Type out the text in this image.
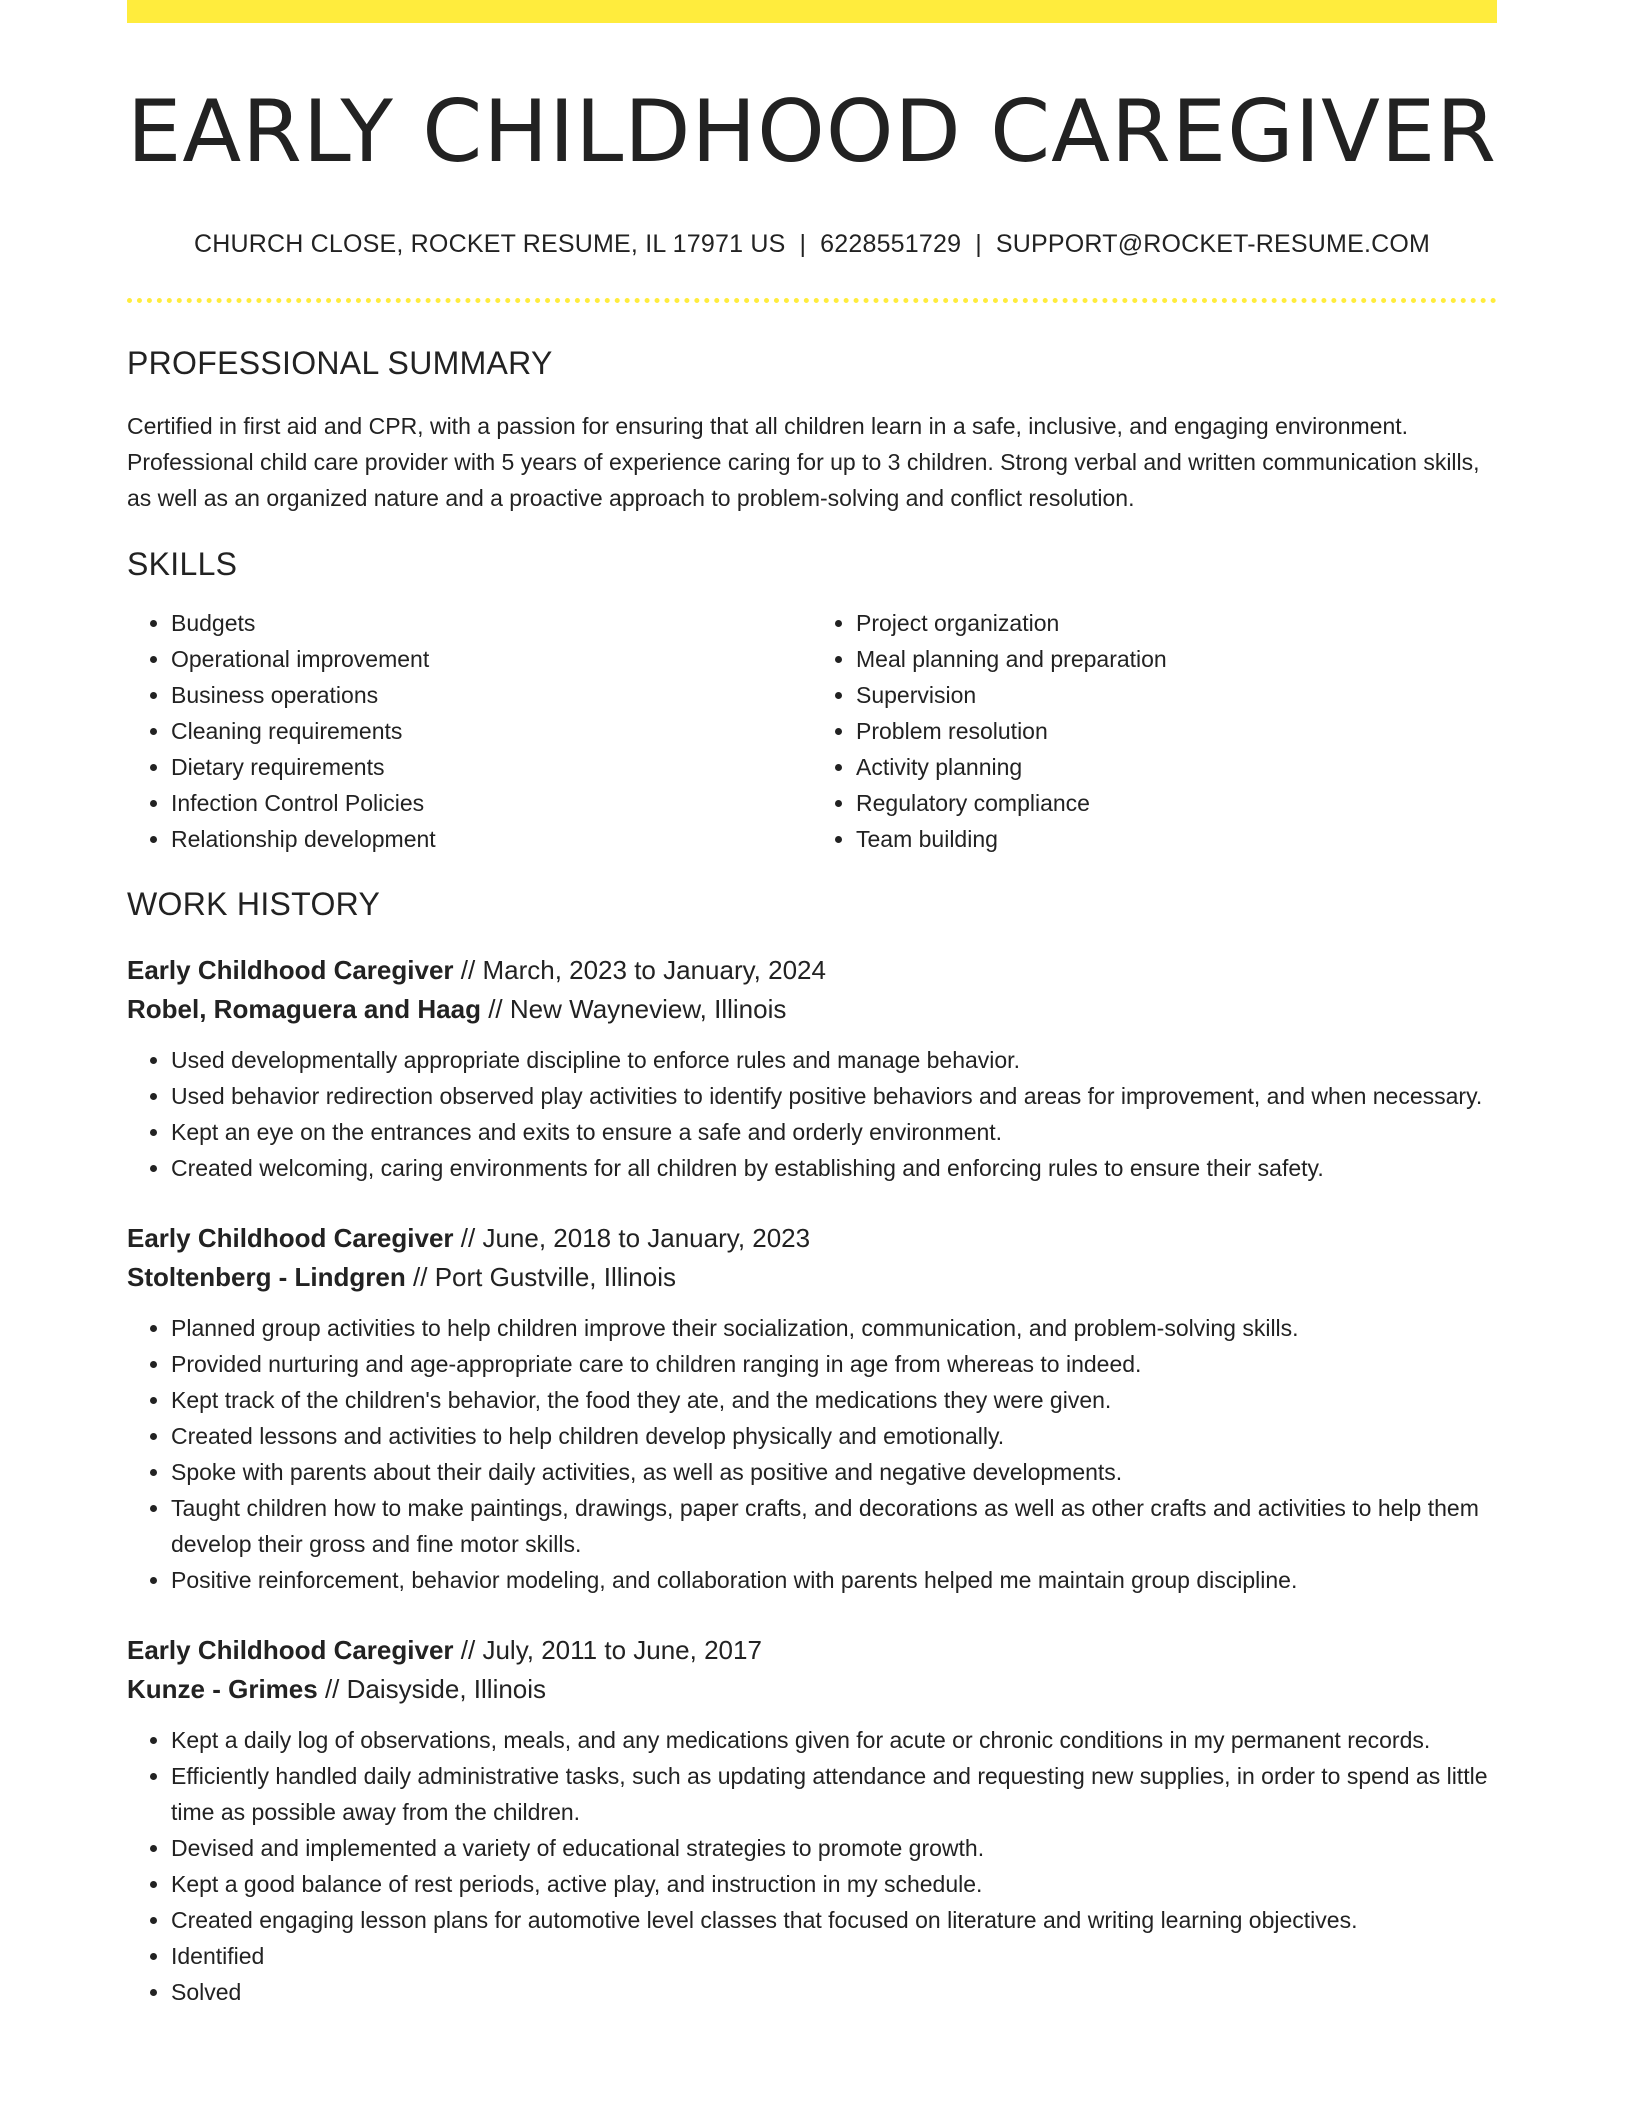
EARLY CHILDHOOD CAREGIVER
CHURCH CLOSE, ROCKET RESUME, IL 17971 US | 6228551729 | SUPPORT@ROCKET-RESUME.COM
PROFESSIONAL SUMMARY

Certified in first aid and CPR, with a passion for ensuring that all children learn in a safe, inclusive, and engaging environment. Professional child care provider with 5 years of experience caring for up to 3 children. Strong verbal and written communication skills, as well as an organized nature and a proactive approach to problem-solving and conflict resolution.

SKILLS
• Budgets
• Operational improvement
• Business operations
• Cleaning requirements
• Dietary requirements
• Infection Control Policies
• Relationship development
• Project organization
• Meal planning and preparation
• Supervision
• Problem resolution
• Activity planning
• Regulatory compliance
• Team building
WORK HISTORY
Early Childhood Caregiver // March, 2023 to January, 2024
Robel, Romaguera and Haag // New Wayneview, Illinois
• Used developmentally appropriate discipline to enforce rules and manage behavior.
• Used behavior redirection observed play activities to identify positive behaviors and areas for improvement, and when necessary.
• Kept an eye on the entrances and exits to ensure a safe and orderly environment.
• Created welcoming, caring environments for all children by establishing and enforcing rules to ensure their safety.
Early Childhood Caregiver // June, 2018 to January, 2023
Stoltenberg - Lindgren // Port Gustville, Illinois
• Planned group activities to help children improve their socialization, communication, and problem-solving skills.
• Provided nurturing and age-appropriate care to children ranging in age from whereas to indeed.
• Kept track of the children's behavior, the food they ate, and the medications they were given.
• Created lessons and activities to help children develop physically and emotionally.
• Spoke with parents about their daily activities, as well as positive and negative developments.
• Taught children how to make paintings, drawings, paper crafts, and decorations as well as other crafts and activities to help them develop their gross and fine motor skills.
• Positive reinforcement, behavior modeling, and collaboration with parents helped me maintain group discipline.
Early Childhood Caregiver // July, 2011 to June, 2017
Kunze - Grimes // Daisyside, Illinois
• Kept a daily log of observations, meals, and any medications given for acute or chronic conditions in my permanent records.
• Efficiently handled daily administrative tasks, such as updating attendance and requesting new supplies, in order to spend as little time as possible away from the children.
• Devised and implemented a variety of educational strategies to promote growth.
• Kept a good balance of rest periods, active play, and instruction in my schedule.
• Created engaging lesson plans for automotive level classes that focused on literature and writing learning objectives.
• Identified
• Solved
